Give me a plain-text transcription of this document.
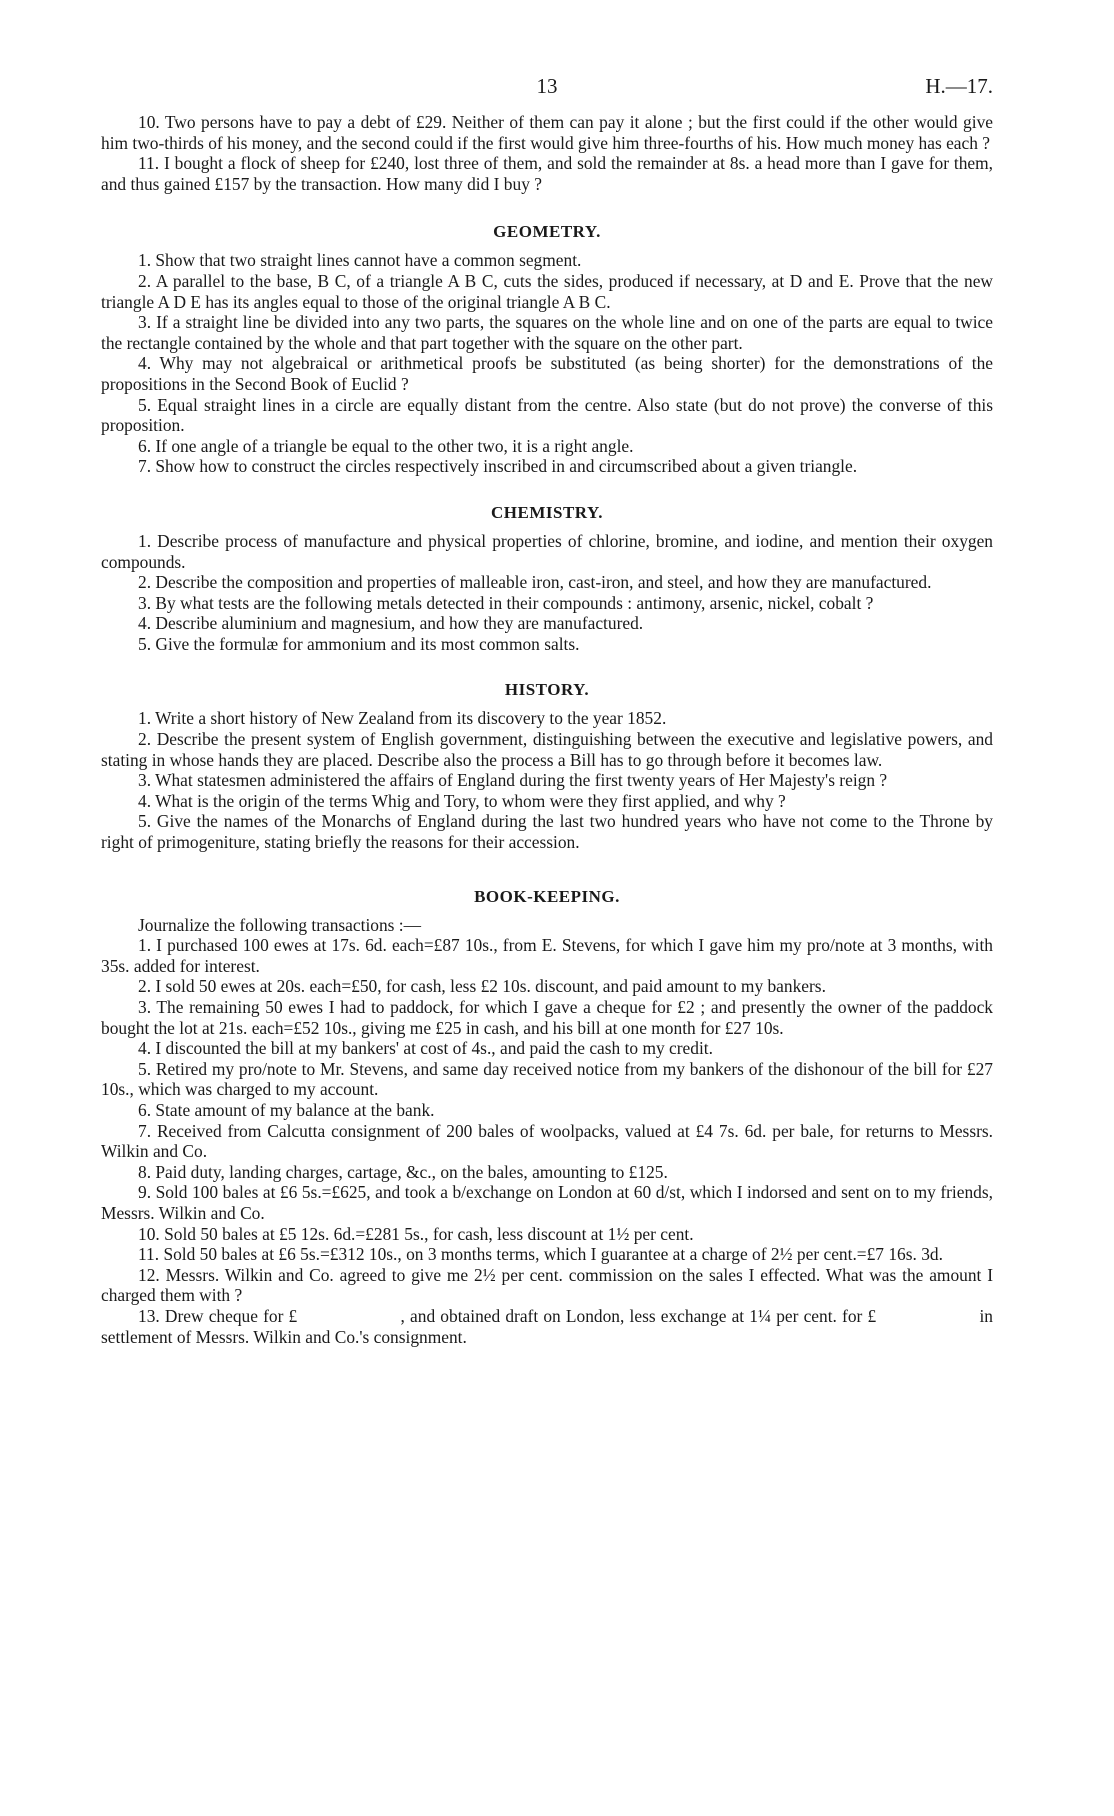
13	H.—17.

10. Two persons have to pay a debt of £29. Neither of them can pay it alone ; but the first could if the other would give him two-thirds of his money, and the second could if the first would give him three-fourths of his. How much money has each ?

11. I bought a flock of sheep for £240, lost three of them, and sold the remainder at 8s. a head more than I gave for them, and thus gained £157 by the transaction. How many did I buy ?

GEOMETRY.

1. Show that two straight lines cannot have a common segment.

2. A parallel to the base, B C, of a triangle A B C, cuts the sides, produced if necessary, at D and E. Prove that the new triangle A D E has its angles equal to those of the original triangle A B C.

3. If a straight line be divided into any two parts, the squares on the whole line and on one of the parts are equal to twice the rectangle contained by the whole and that part together with the square on the other part.

4. Why may not algebraical or arithmetical proofs be substituted (as being shorter) for the demonstrations of the propositions in the Second Book of Euclid ?

5. Equal straight lines in a circle are equally distant from the centre. Also state (but do not prove) the converse of this proposition.

6. If one angle of a triangle be equal to the other two, it is a right angle.

7. Show how to construct the circles respectively inscribed in and circumscribed about a given triangle.

CHEMISTRY.

1. Describe process of manufacture and physical properties of chlorine, bromine, and iodine, and mention their oxygen compounds.

2. Describe the composition and properties of malleable iron, cast-iron, and steel, and how they are manufactured.

3. By what tests are the following metals detected in their compounds : antimony, arsenic, nickel, cobalt ?

4. Describe aluminium and magnesium, and how they are manufactured.

5. Give the formulæ for ammonium and its most common salts.

HISTORY.

1. Write a short history of New Zealand from its discovery to the year 1852.

2. Describe the present system of English government, distinguishing between the executive and legislative powers, and stating in whose hands they are placed. Describe also the process a Bill has to go through before it becomes law.

3. What statesmen administered the affairs of England during the first twenty years of Her Majesty's reign ?

4. What is the origin of the terms Whig and Tory, to whom were they first applied, and why ?

5. Give the names of the Monarchs of England during the last two hundred years who have not come to the Throne by right of primogeniture, stating briefly the reasons for their accession.

BOOK-KEEPING.

Journalize the following transactions :—

1. I purchased 100 ewes at 17s. 6d. each=£87 10s., from E. Stevens, for which I gave him my pro/note at 3 months, with 35s. added for interest.

2. I sold 50 ewes at 20s. each=£50, for cash, less £2 10s. discount, and paid amount to my bankers.

3. The remaining 50 ewes I had to paddock, for which I gave a cheque for £2 ; and presently the owner of the paddock bought the lot at 21s. each=£52 10s., giving me £25 in cash, and his bill at one month for £27 10s.

4. I discounted the bill at my bankers' at cost of 4s., and paid the cash to my credit.

5. Retired my pro/note to Mr. Stevens, and same day received notice from my bankers of the dishonour of the bill for £27 10s., which was charged to my account.

6. State amount of my balance at the bank.

7. Received from Calcutta consignment of 200 bales of woolpacks, valued at £4 7s. 6d. per bale, for returns to Messrs. Wilkin and Co.

8. Paid duty, landing charges, cartage, &c., on the bales, amounting to £125.

9. Sold 100 bales at £6 5s.=£625, and took a b/exchange on London at 60 d/st, which I indorsed and sent on to my friends, Messrs. Wilkin and Co.

10. Sold 50 bales at £5 12s. 6d.=£281 5s., for cash, less discount at 1½ per cent.

11. Sold 50 bales at £6 5s.=£312 10s., on 3 months terms, which I guarantee at a charge of 2½ per cent.=£7 16s. 3d.

12. Messrs. Wilkin and Co. agreed to give me 2½ per cent. commission on the sales I effected. What was the amount I charged them with ?

13. Drew cheque for £                    , and obtained draft on London, less exchange at 1¼ per cent. for £                    in settlement of Messrs. Wilkin and Co.'s consignment.
